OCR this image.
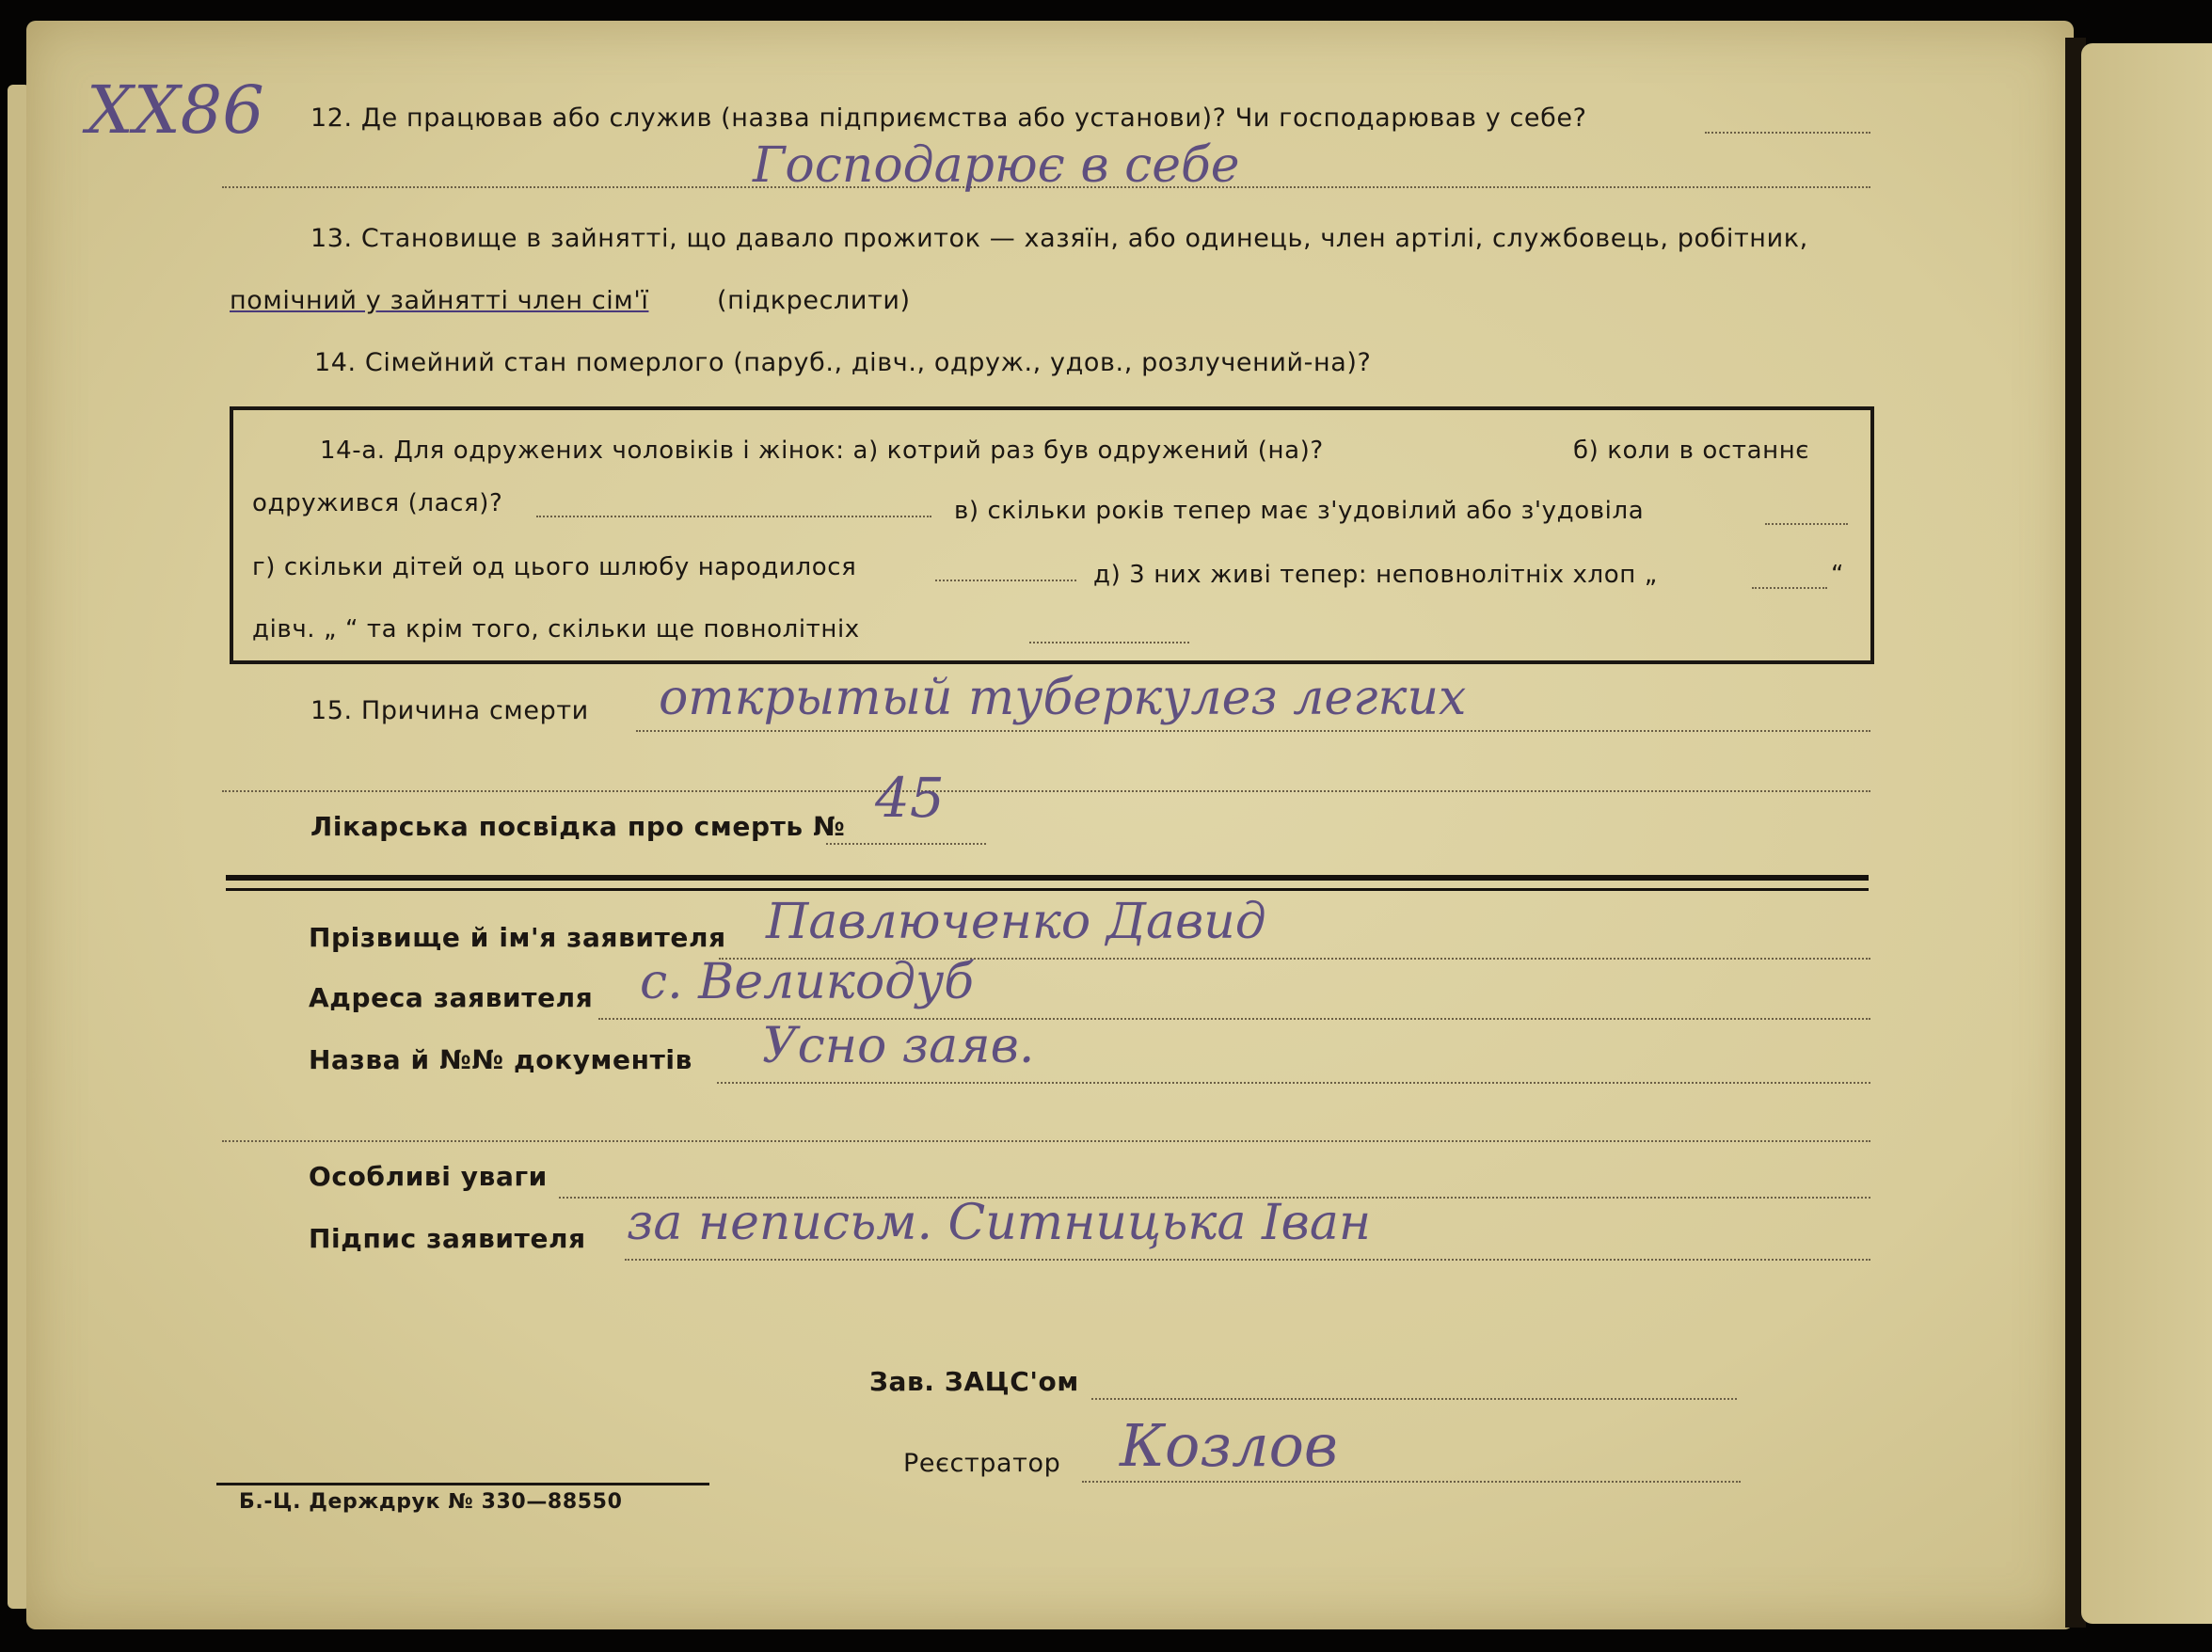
ХХ86 12. Де працював або служив (назва підприємства або установи)? Чи господарював у себе?
Господарює в себе
13. Становище в зайнятті, що давало прожиток — хазяїн, або одинець, член артілі, службовець, робітник,
помічний у зайнятті член сім'ї	(підкреслити)
14. Сімейний стан померлого (паруб., дівч., одруж., удов., розлучений-на)?
14-а. Для одружених чоловіків і жінок: а) котрий раз був одружений (на)?	б) коли в останнє
одружився (лася)?	в) скільки років тепер має з'удовілий або з'удовіла
г) скільки дітей од цього шлюбу народилося	д) 3 них живі тепер: неповнолітніх хлоп „	“
дівч. „ “ та крім того, скільки ще повнолітніх
15. Причина смерти открытый туберкулез легких
Лікарська посвідка про смерть № 45
Прізвище й ім'я заявителя Павлюченко Давид
Адреса заявителя с. Великодуб
Назва й №№ документів Усно заяв.
Особливі уваги
Підпис заявителя за неписьм. Ситницька Іван
Зав. ЗАЦС'ом
Реєстратор Козлов
Б.-Ц. Держдрук № 330—88550
